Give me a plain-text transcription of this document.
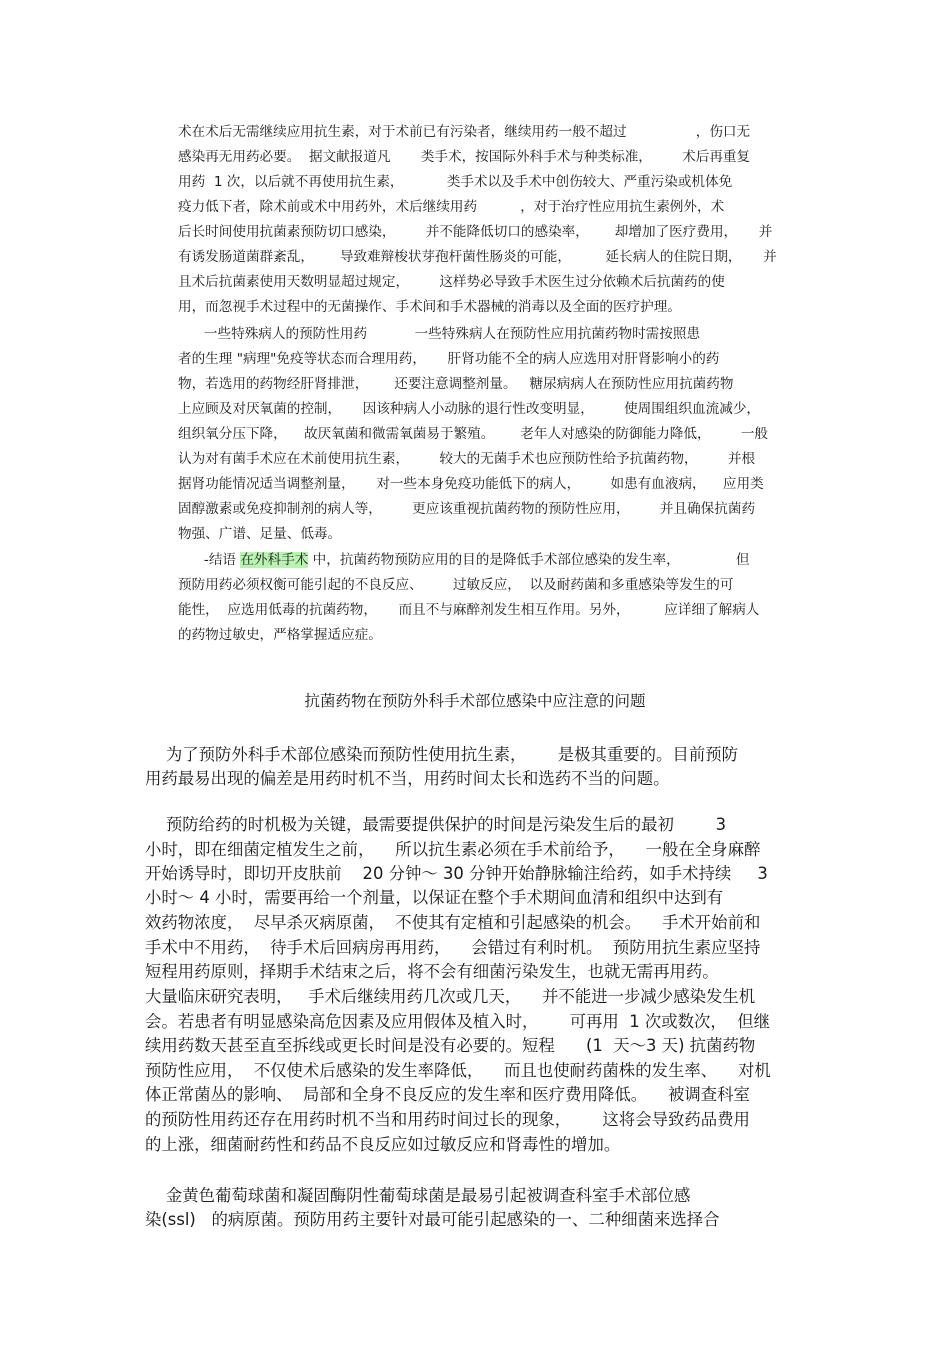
术在术后无需继续应用抗生素，对于术前已有污染者，继续用药一般不超过                ，伤口无
感染再无用药必要。  据文献报道凡       类手术，按国际外科手术与种类标准，       术后再重复
用药  1 次，以后就不再使用抗生素，          类手术以及手术中创伤较大、严重污染或机体免
疫力低下者，除术前或术中用药外，术后继续用药          ，对于治疗性应用抗生素例外，术
后长时间使用抗菌素预防切口感染，       并不能降低切口的感染率，      却增加了医疗费用，     并
有诱发肠道菌群紊乱，      导致难辩梭状芽孢杆菌性肠炎的可能，        延长病人的住院日期，     并
且术后抗菌素使用天数明显超过规定，       这样势必导致手术医生过分依赖术后抗菌药的使
用，而忽视手术过程中的无菌操作、手术间和手术器械的消毒以及全面的医疗护理。
一些特殊病人的预防性用药           一些特殊病人在预防性应用抗菌药物时需按照患
者的生理 "病理"免疫等状态而合理用药，     肝肾功能不全的病人应选用对肝肾影响小的药
物，若选用的药物经肝肾排泄，      还要注意调整剂量。   糖尿病病人在预防性应用抗菌药物
上应顾及对厌氧菌的控制，     因该种病人小动脉的退行性改变明显，       使周围组织血流减少，
组织氧分压下降，    故厌氧菌和微需氧菌易于繁殖。      老年人对感染的防御能力降低，       一般
认为对有菌手术应在术前使用抗生素，       较大的无菌手术也应预防性给予抗菌药物，       并根
据肾功能情况适当调整剂量，     对一些本身免疫功能低下的病人，       如患有血液病，    应用类
固醇激素或免疫抑制剂的病人等，       更应该重视抗菌药物的预防性应用，       并且确保抗菌药
物强、广谱、足量、低毒。
-结语 在外科手术 中，抗菌药物预防应用的目的是降低手术部位感染的发生率，             但
预防用药必须权衡可能引起的不良反应、       过敏反应，  以及耐药菌和多重感染等发生的可
能性，  应选用低毒的抗菌药物，     而且不与麻醉剂发生相互作用。另外，        应详细了解病人
的药物过敏史，严格掌握适应症。
抗菌药物在预防外科手术部位感染中应注意的问题
为了预防外科手术部位感染而预防性使用抗生素，      是极其重要的。目前预防
用药最易出现的偏差是用药时机不当，用药时间太长和选药不当的问题。
预防给药的时机极为关键，最需要提供保护的时间是污染发生后的最初        3
小时，即在细菌定植发生之前，    所以抗生素必须在手术前给予，    一般在全身麻醉
开始诱导时，即切开皮肤前    20 分钟～ 30 分钟开始静脉输注给药，如手术持续     3
小时～ 4 小时，需要再给一个剂量，以保证在整个手术期间血清和组织中达到有
效药物浓度，  尽早杀灭病原菌，  不使其有定植和引起感染的机会。    手术开始前和
手术中不用药，  待手术后回病房再用药，    会错过有利时机。  预防用抗生素应坚持
短程用药原则，择期手术结束之后，将不会有细菌污染发生，也就无需再用药。
大量临床研究表明，   手术后继续用药几次或几天，    并不能进一步减少感染发生机
会。若患者有明显感染高危因素及应用假体及植入时，      可再用  1 次或数次，  但继
续用药数天甚至直至拆线或更长时间是没有必要的。短程      (1  天～3 天) 抗菌药物
预防性应用，  不仅使术后感染的发生率降低，    而且也使耐药菌株的发生率、    对机
体正常菌丛的影响、  局部和全身不良反应的发生率和医疗费用降低。    被调查科室
的预防性用药还存在用药时机不当和用药时间过长的现象，      这将会导致药品费用
的上涨，细菌耐药性和药品不良反应如过敏反应和肾毒性的增加。
金黄色葡萄球菌和凝固酶阴性葡萄球菌是最易引起被调查科室手术部位感
染(ssl)   的病原菌。预防用药主要针对最可能引起感染的一、二种细菌来选择合
